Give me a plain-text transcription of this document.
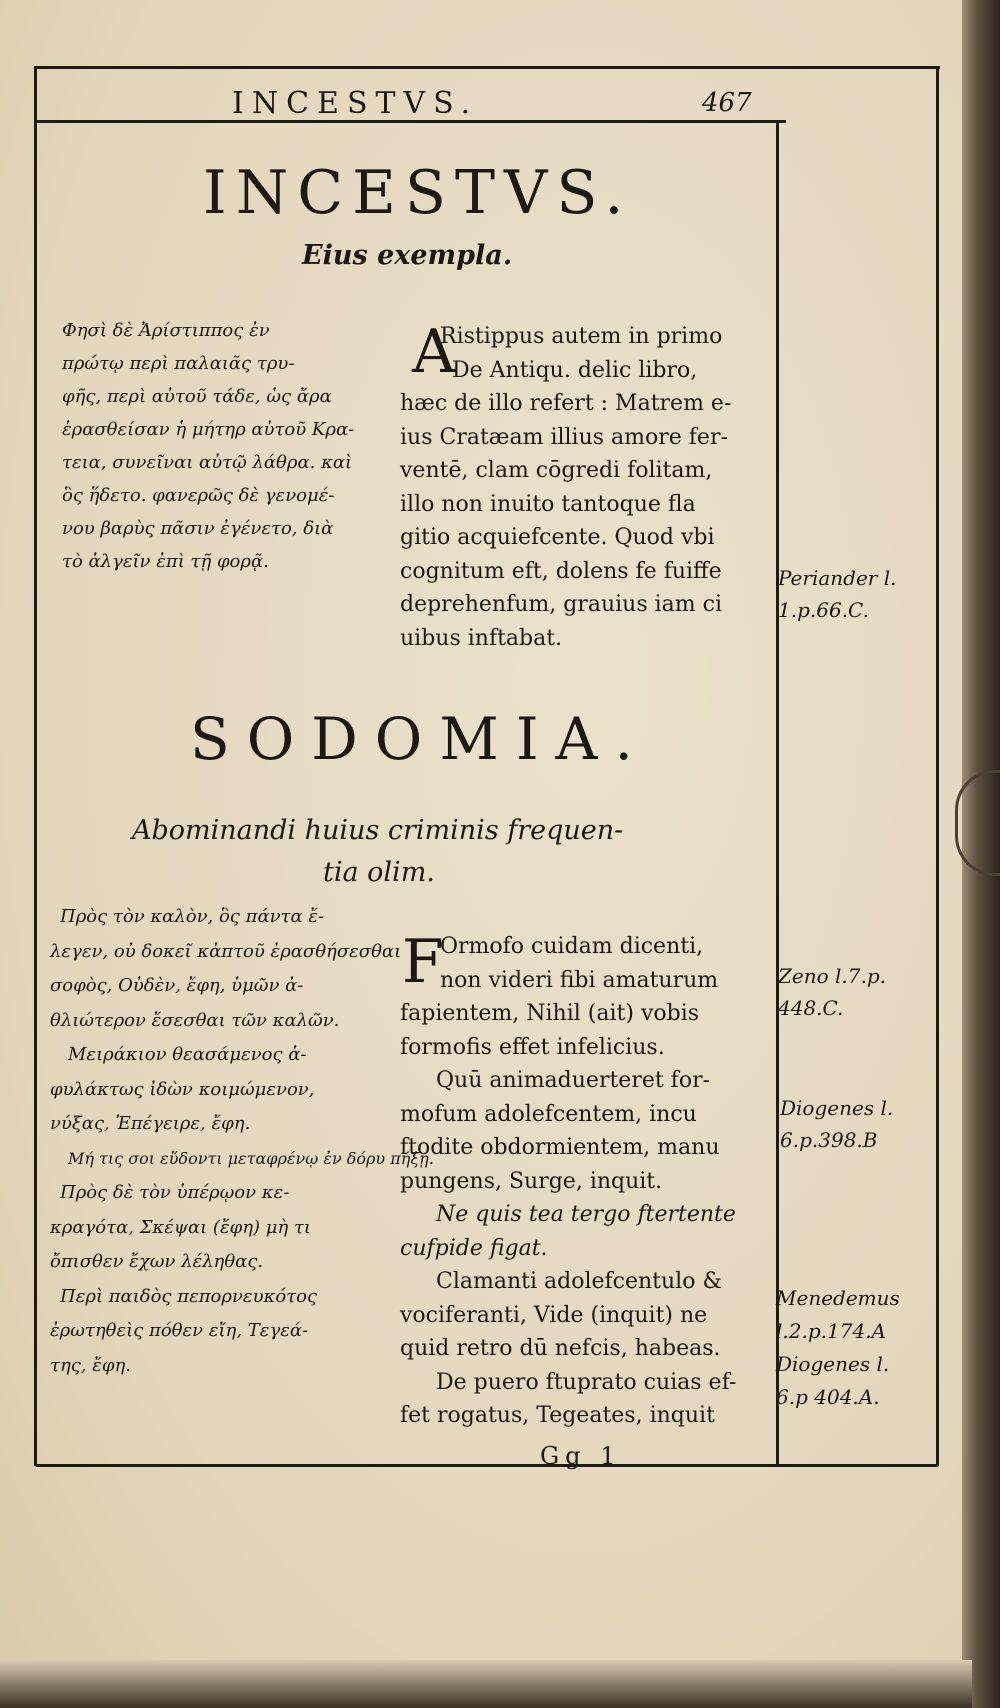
INCESTVS.	467
INCESTVS.
Eius exempla.
Φησὶ δὲ Ἀρίστιππος ἐν
πρώτῳ περὶ παλαιᾶς τρυ-
φῆς, περὶ αὐτοῦ τάδε, ὡς ἄρα
ἐρασθείσαν ἡ μήτηρ αὐτοῦ Κρα-
τεια, συνεῖναι αὐτῷ λάθρα. καὶ
ὃς ἥδετο. φανερῶς δὲ γενομέ-
νου βαρὺς πᾶσιν ἐγένετο, διὰ
τὸ ἀλγεῖν ἐπὶ τῇ φορᾷ.
A
Ristippus autem in primo
De Antiqu. delic libro,
hæc de illo refert : Matrem e-
ius Cratæam illius amore fer-
ventē, clam cōgredi folitam,
illo non inuito tantoque fla
gitio acquiefcente. Quod vbi
cognitum eft, dolens fe fuiffe
deprehenfum, grauius iam ci
uibus inftabat.
Periander l.
1.p.66.C.
SODOMIA.
Abominandi huius criminis frequen-
tia olim.
Πρὸς τὸν καλὸν, ὃς πάντα ἔ-
λεγεν, οὐ δοκεῖ κἀπτοῦ ἐρασθήσεσθαι
σοφὸς, Οὐδὲν, ἔφη, ὑμῶν ἀ-
θλιώτερον ἔσεσθαι τῶν καλῶν.
Μειράκιον θεασάμενος ἀ-
φυλάκτως ἰδὼν κοιμώμενον,
νύξας, Ἐπέγειρε, ἔφη.
Μή τις σοι εὕδοντι μεταφρένῳ ἐν δόρυ πήξῃ.
Πρὸς δὲ τὸν ὑπέρῳον κε-
κραγότα, Σκέψαι (ἔφη) μὴ τι
ὄπισθεν ἔχων λέληθας.
Περὶ παιδὸς πεπορνευκότος
ἐρωτηθεὶς πόθεν εἴη, Τεγεά-
της, ἔφη.
F
Ormofo cuidam dicenti,
non videri fibi amaturum
fapientem, Nihil (ait) vobis
formofis effet infelicius.
Quū animaduerteret for-
mofum adolefcentem, incu
ftodite obdormientem, manu
pungens, Surge, inquit.
Ne quis tea tergo ftertente
cufpide figat.
Clamanti adolefcentulo &
vociferanti, Vide (inquit) ne
quid retro dū nefcis, habeas.
De puero ftuprato cuias ef-
fet rogatus, Tegeates, inquit
Zeno l.7.p.
448.C.
Diogenes l.
6.p.398.B
Menedemus
l.2.p.174.A
Diogenes l.
6.p 404.A.
Gg 1
